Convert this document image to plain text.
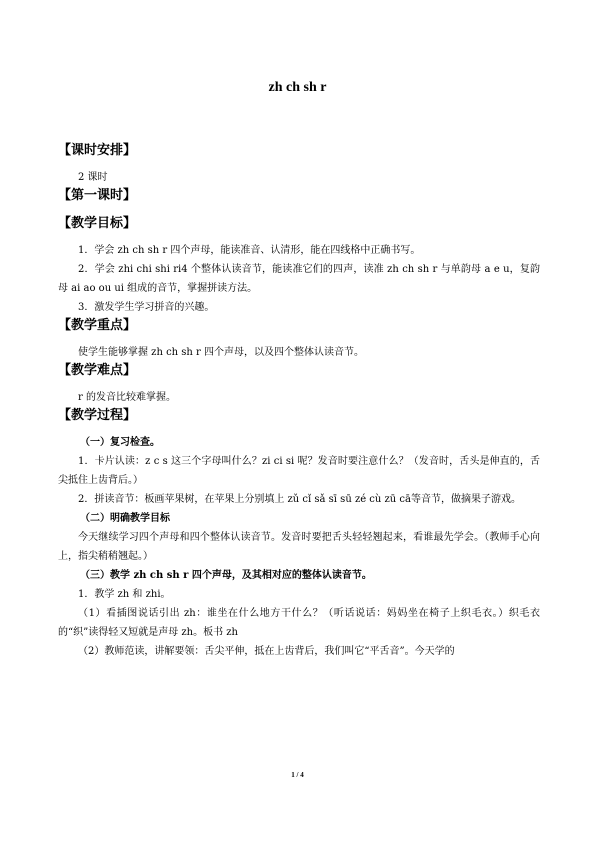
zh ch sh r

【课时安排】

2 课时

【第一课时】

【教学目标】

1．学会 zh ch sh r 四个声母，能读准音、认清形，能在四线格中正确书写。

2．学会 zhi chi shi ri4 个整体认读音节，能读准它们的四声，读准 zh ch sh r 与单韵母 a e u，复韵母 ai ao ou ui 组成的音节，掌握拼读方法。

3．激发学生学习拼音的兴趣。

【教学重点】

使学生能够掌握 zh ch sh r 四个声母，以及四个整体认读音节。

【教学难点】

r 的发音比较难掌握。

【教学过程】

（一）复习检查。

1．卡片认读：z c s 这三个字母叫什么？zi ci si 呢？发音时要注意什么？（发音时，舌头是伸直的，舌尖抵住上齿背后。）

2．拼读音节：板画苹果树，在苹果上分别填上 zǔ cǐ sǎ sī sū zé cù zū cā等音节，做摘果子游戏。

（二）明确教学目标

今天继续学习四个声母和四个整体认读音节。发音时要把舌头轻轻翘起来，看谁最先学会。（教师手心向上，指尖稍稍翘起。）

（三）教学 zh ch sh r 四个声母，及其相对应的整体认读音节。

1．教学 zh 和 zhi。

（1）看插图说话引出 zh：谁坐在什么地方干什么？（听话说话：妈妈坐在椅子上织毛衣。）织毛衣的“织”读得轻又短就是声母 zh。板书 zh

（2）教师范读，讲解要领：舌尖平伸，抵在上齿背后，我们叫它“平舌音”。今天学的

1 / 4
